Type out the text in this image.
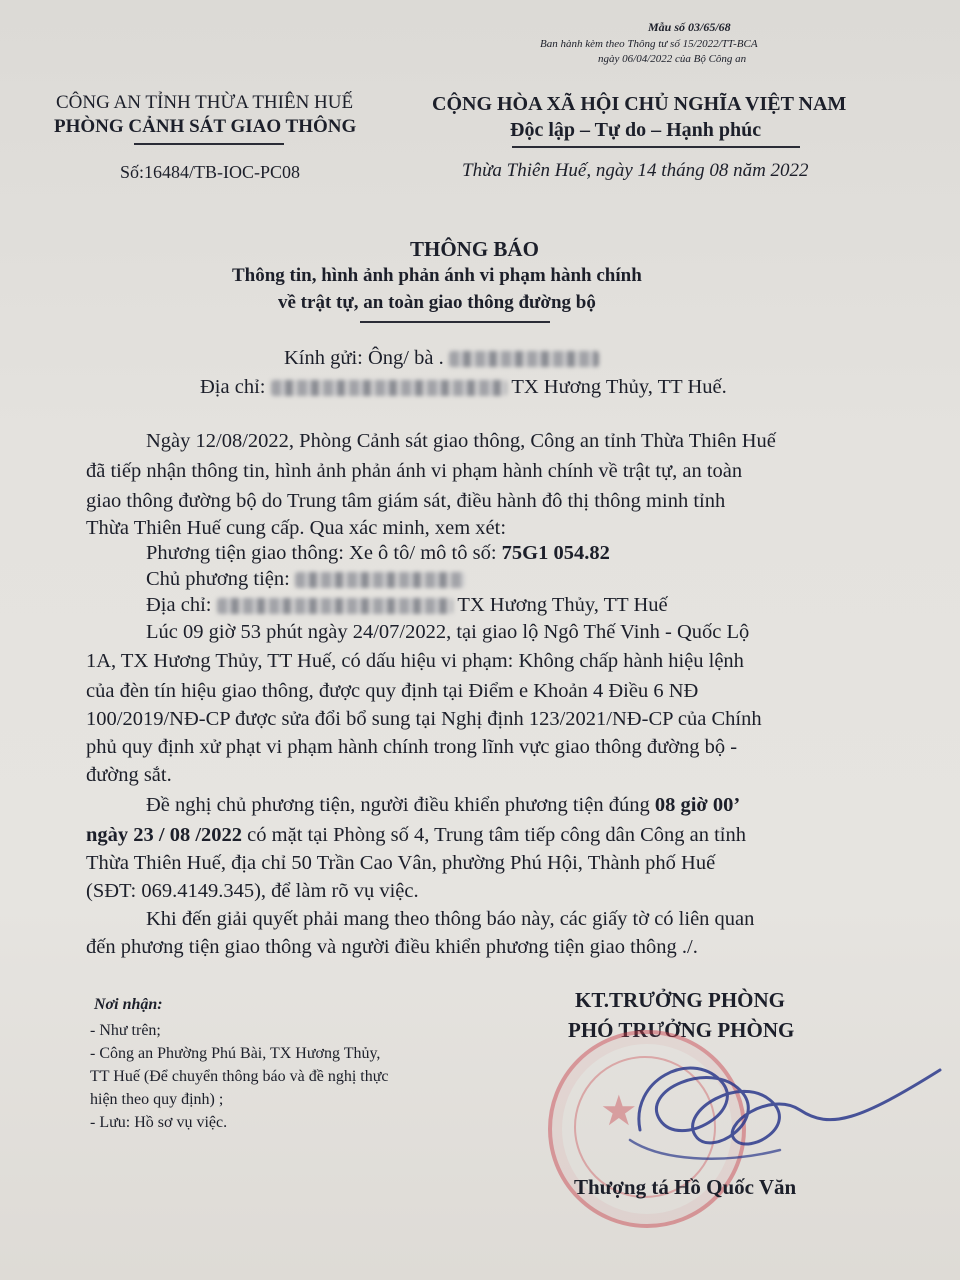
Mẫu số 03/65/68
Ban hành kèm theo Thông tư số 15/2022/TT-BCA
ngày 06/04/2022 của Bộ Công an
CÔNG AN TỈNH THỪA THIÊN HUẾ
PHÒNG CẢNH SÁT GIAO THÔNG
Số:16484/TB-IOC-PC08
CỘNG HÒA XÃ HỘI CHỦ NGHĨA VIỆT NAM
Độc lập – Tự do – Hạnh phúc
Thừa Thiên Huế, ngày 14 tháng 08 năm 2022
THÔNG BÁO
Thông tin, hình ảnh phản ánh vi phạm hành chính
về trật tự, an toàn giao thông đường bộ
Kính gửi: Ông/ bà .
Địa chỉ:	TX Hương Thủy, TT Huế.
Ngày 12/08/2022, Phòng Cảnh sát giao thông, Công an tỉnh Thừa Thiên Huế
đã tiếp nhận thông tin, hình ảnh phản ánh vi phạm hành chính về trật tự, an toàn
giao thông đường bộ do Trung tâm giám sát, điều hành đô thị thông minh tỉnh
Thừa Thiên Huế cung cấp. Qua xác minh, xem xét:
Phương tiện giao thông: Xe ô tô/ mô tô số: 75G1 054.82
Chủ phương tiện:
Địa chỉ:	TX Hương Thủy, TT Huế
Lúc 09 giờ 53 phút ngày 24/07/2022, tại giao lộ Ngô Thế Vinh - Quốc Lộ
1A, TX Hương Thủy, TT Huế, có dấu hiệu vi phạm: Không chấp hành hiệu lệnh
của đèn tín hiệu giao thông, được quy định tại Điểm e Khoản 4 Điều 6 NĐ
100/2019/NĐ-CP được sửa đổi bổ sung tại Nghị định 123/2021/NĐ-CP của Chính
phủ quy định xử phạt vi phạm hành chính trong lĩnh vực giao thông đường bộ -
đường sắt.
Đề nghị chủ phương tiện, người điều khiển phương tiện đúng 08 giờ 00’
ngày 23 / 08 /2022 có mặt tại Phòng số 4, Trung tâm tiếp công dân Công an tỉnh
Thừa Thiên Huế, địa chỉ 50 Trần Cao Vân, phường Phú Hội, Thành phố Huế
(SĐT: 069.4149.345), để làm rõ vụ việc.
Khi đến giải quyết phải mang theo thông báo này, các giấy tờ có liên quan
đến phương tiện giao thông và người điều khiển phương tiện giao thông ./.
Nơi nhận:
- Như trên;
- Công an Phường Phú Bài, TX Hương Thủy,
TT Huế (Để chuyển thông báo và đề nghị thực
hiện theo quy định) ;
- Lưu: Hồ sơ vụ việc.
KT.TRƯỞNG PHÒNG
PHÓ TRƯỞNG PHÒNG
★
Thượng tá Hồ Quốc Văn
